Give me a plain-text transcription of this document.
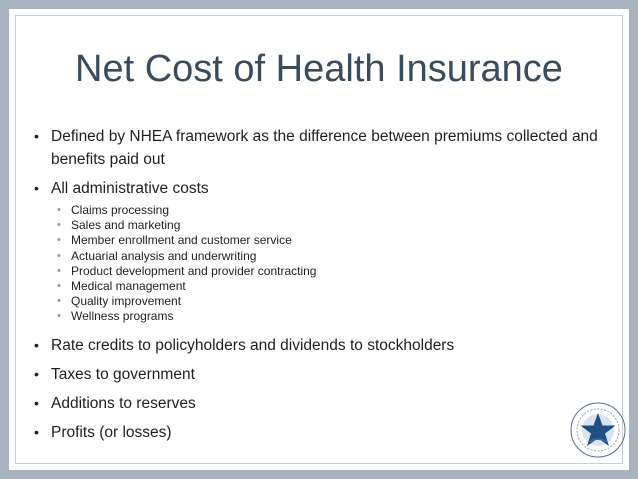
Net Cost of Health Insurance
• Defined by NHEA framework as the difference between premiums collected and benefits paid out
• All administrative costs
• Claims processing
• Sales and marketing
• Member enrollment and customer service
• Actuarial analysis and underwriting
• Product development and provider contracting
• Medical management
• Quality improvement
• Wellness programs
• Rate credits to policyholders and dividends to stockholders
• Taxes to government
• Additions to reserves
• Profits (or losses)
